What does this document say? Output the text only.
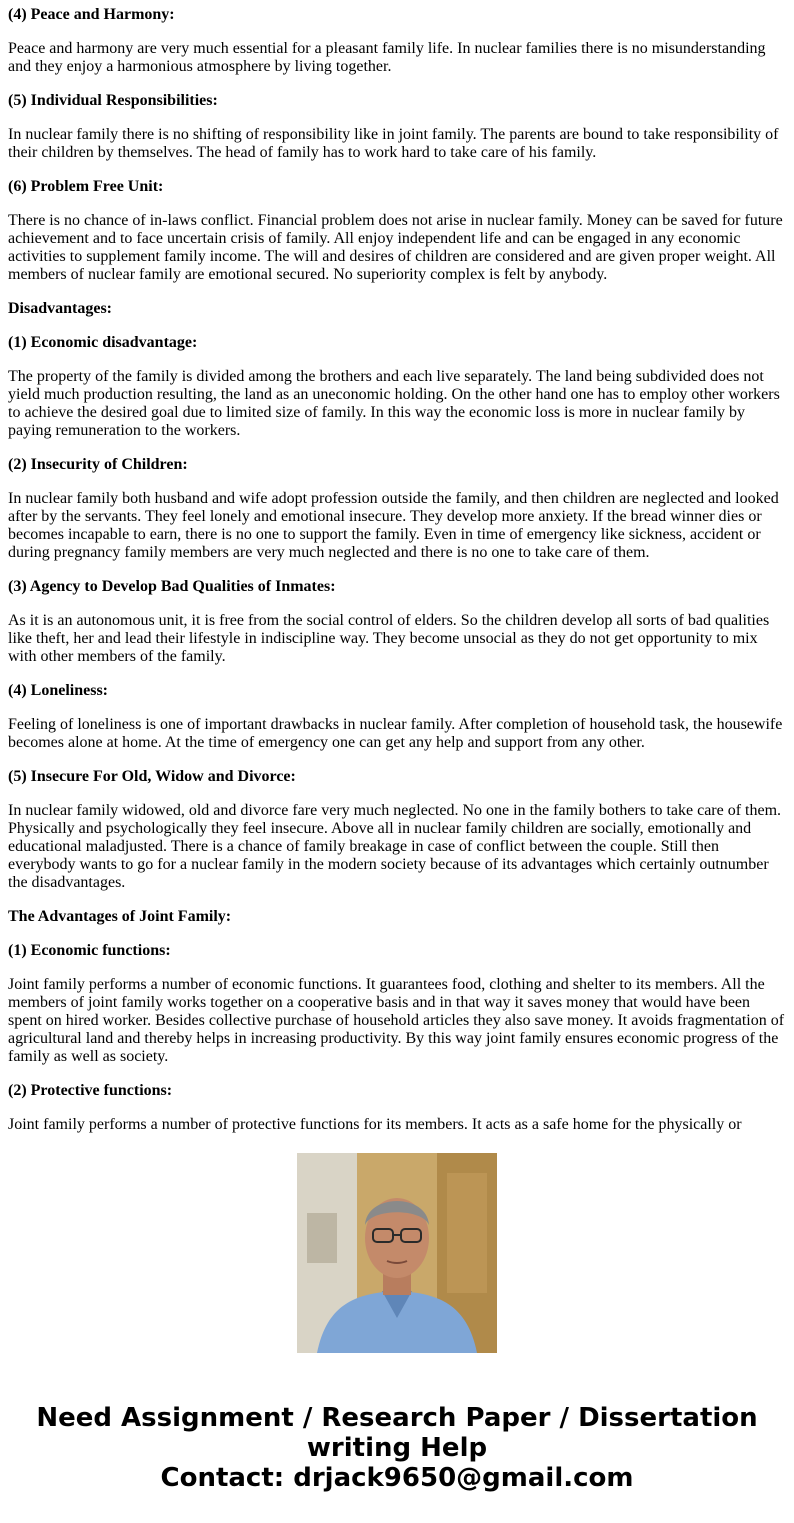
(4) Peace and Harmony:

Peace and harmony are very much essential for a pleasant family life. In nuclear families there is no misunderstanding and they enjoy a harmonious atmosphere by living together.

(5) Individual Responsibilities:

In nuclear family there is no shifting of responsibility like in joint family. The parents are bound to take responsibility of their children by themselves. The head of family has to work hard to take care of his family.

(6) Problem Free Unit:

There is no chance of in-laws conflict. Financial problem does not arise in nuclear family. Money can be saved for future achievement and to face uncertain crisis of family. All enjoy independent life and can be engaged in any economic activities to supplement family income. The will and desires of children are considered and are given proper weight. All members of nuclear family are emotional secured. No superiority complex is felt by anybody.

Disadvantages:

(1) Economic disadvantage:

The property of the family is divided among the brothers and each live separately. The land being subdivided does not yield much production resulting, the land as an uneconomic holding. On the other hand one has to employ other workers to achieve the desired goal due to limited size of family. In this way the economic loss is more in nuclear family by paying remuneration to the workers.

(2) Insecurity of Children:

In nuclear family both husband and wife adopt profession outside the family, and then children are neglected and looked after by the servants. They feel lonely and emotional insecure. They develop more anxiety. If the bread winner dies or becomes incapable to earn, there is no one to support the family. Even in time of emergency like sickness, accident or during pregnancy family members are very much neglected and there is no one to take care of them.

(3) Agency to Develop Bad Qualities of Inmates:

As it is an autonomous unit, it is free from the social control of elders. So the children develop all sorts of bad qualities like theft, her and lead their lifestyle in indiscipline way. They become unsocial as they do not get opportunity to mix with other members of the family.

(4) Loneliness:

Feeling of loneliness is one of important drawbacks in nuclear family. After completion of household task, the housewife becomes alone at home. At the time of emergency one can get any help and support from any other.

(5) Insecure For Old, Widow and Divorce:

In nuclear family widowed, old and divorce fare very much neglected. No one in the family bothers to take care of them. Physically and psychologically they feel insecure. Above all in nuclear family children are socially, emotionally and educational maladjusted. There is a chance of family breakage in case of conflict between the couple. Still then everybody wants to go for a nuclear family in the modern society because of its advantages which certainly outnumber the disadvantages.

The Advantages of Joint Family:

(1) Economic functions:

Joint family performs a number of economic functions. It guarantees food, clothing and shelter to its members. All the members of joint family works together on a cooperative basis and in that way it saves money that would have been spent on hired worker. Besides collective purchase of household articles they also save money. It avoids fragmentation of agricultural land and thereby helps in increasing productivity. By this way joint family ensures economic progress of the family as well as society.

(2) Protective functions:

Joint family performs a number of protective functions for its members. It acts as a safe home for the physically or

Need Assignment / Research Paper / Dissertation
writing Help
Contact: drjack9650@gmail.com
